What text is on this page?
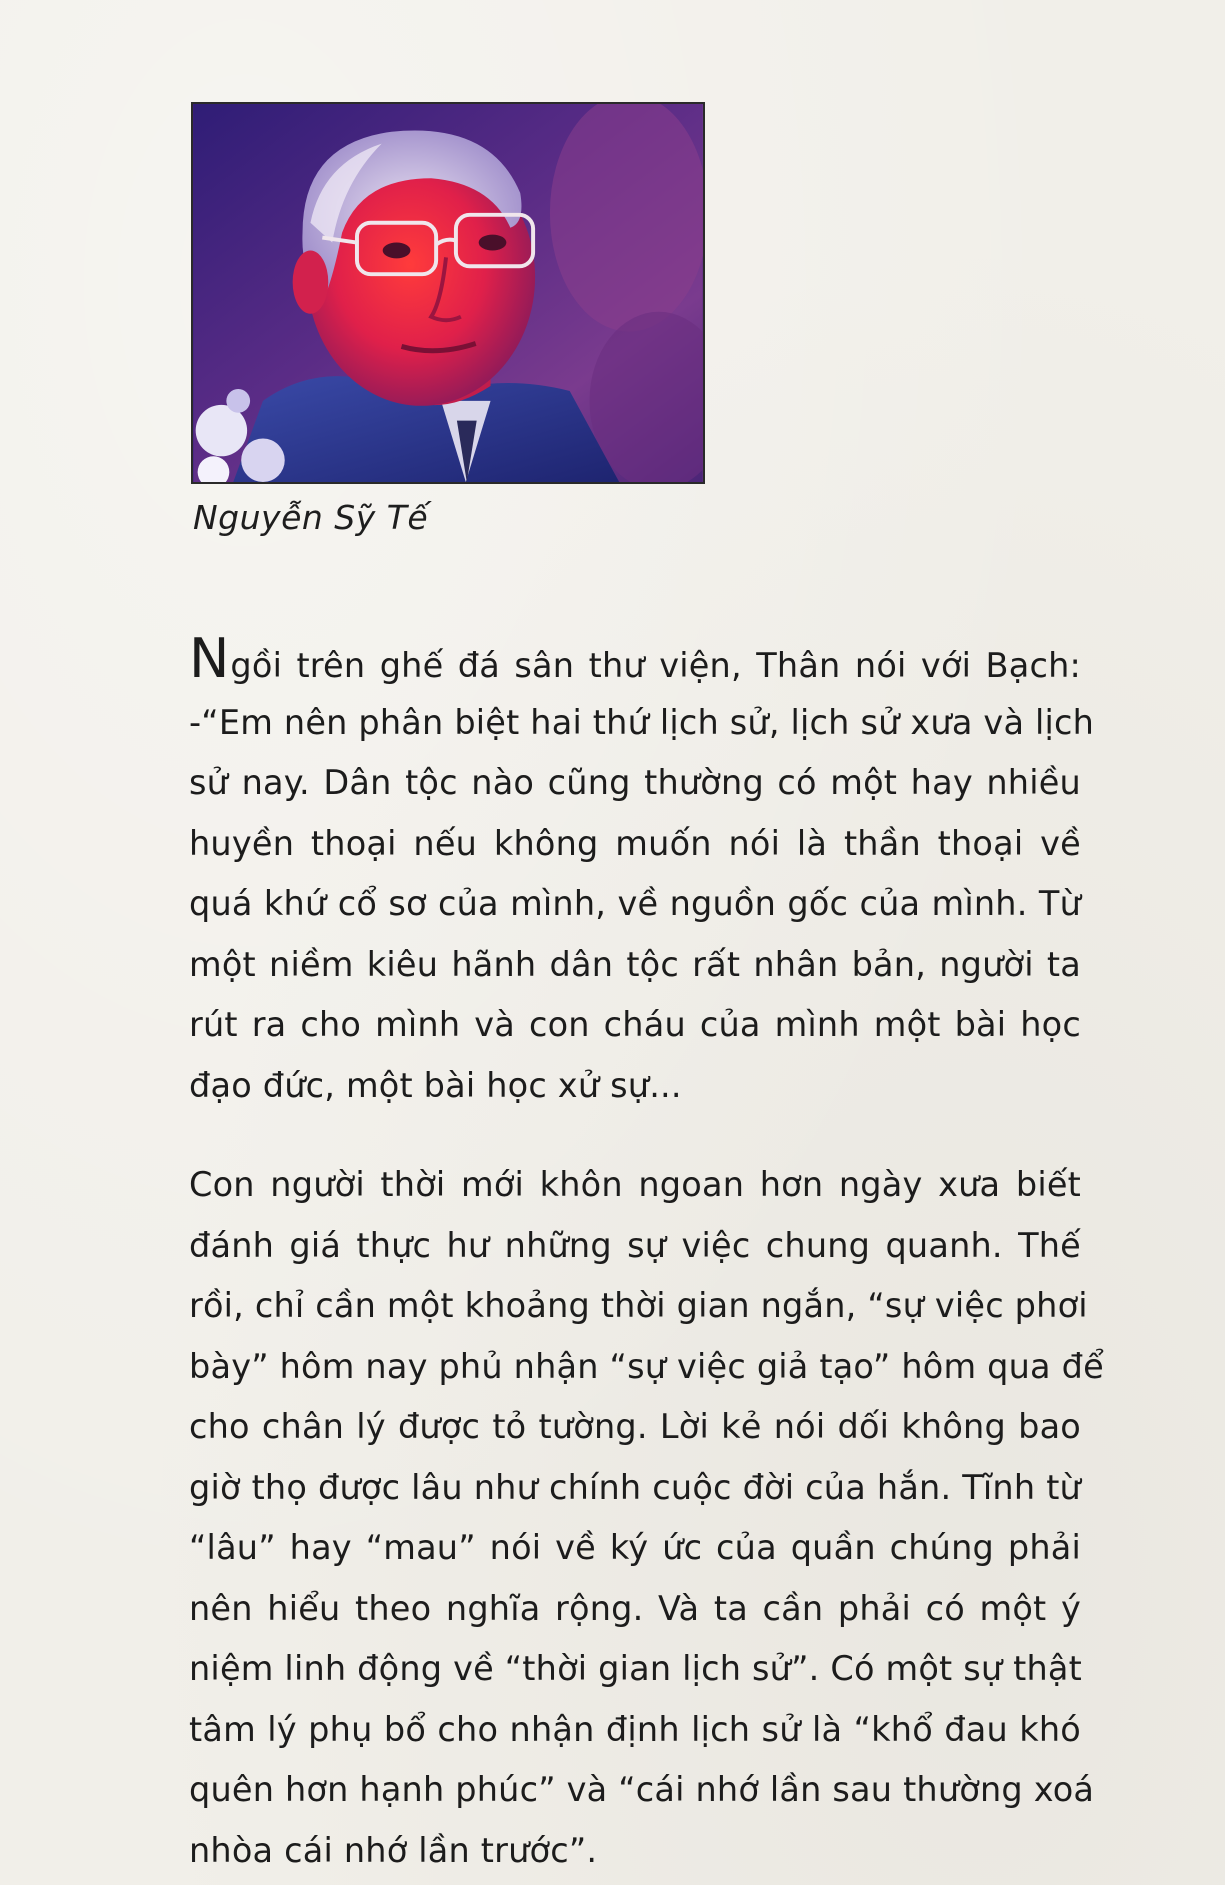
Nguyễn Sỹ Tế
N gồi trên ghế đá sân thư viện, Thân nói với Bạch:
-“Em nên phân biệt hai thứ lịch sử, lịch sử xưa và lịch
sử nay. Dân tộc nào cũng thường có một hay nhiều
huyền thoại nếu không muốn nói là thần thoại về
quá khứ cổ sơ của mình, về nguồn gốc của mình. Từ
một niềm kiêu hãnh dân tộc rất nhân bản, người ta
rút ra cho mình và con cháu của mình một bài học
đạo đức, một bài học xử sự...
Con người thời mới khôn ngoan hơn ngày xưa biết
đánh giá thực hư những sự việc chung quanh. Thế
rồi, chỉ cần một khoảng thời gian ngắn, “sự việc phơi
bày” hôm nay phủ nhận “sự việc giả tạo” hôm qua để
cho chân lý được tỏ tường. Lời kẻ nói dối không bao
giờ thọ được lâu như chính cuộc đời của hắn. Tĩnh từ
“lâu” hay “mau” nói về ký ức của quần chúng phải
nên hiểu theo nghĩa rộng. Và ta cần phải có một ý
niệm linh động về “thời gian lịch sử”. Có một sự thật
tâm lý phụ bổ cho nhận định lịch sử là “khổ đau khó
quên hơn hạnh phúc” và “cái nhớ lần sau thường xoá
nhòa cái nhớ lần trước”.
